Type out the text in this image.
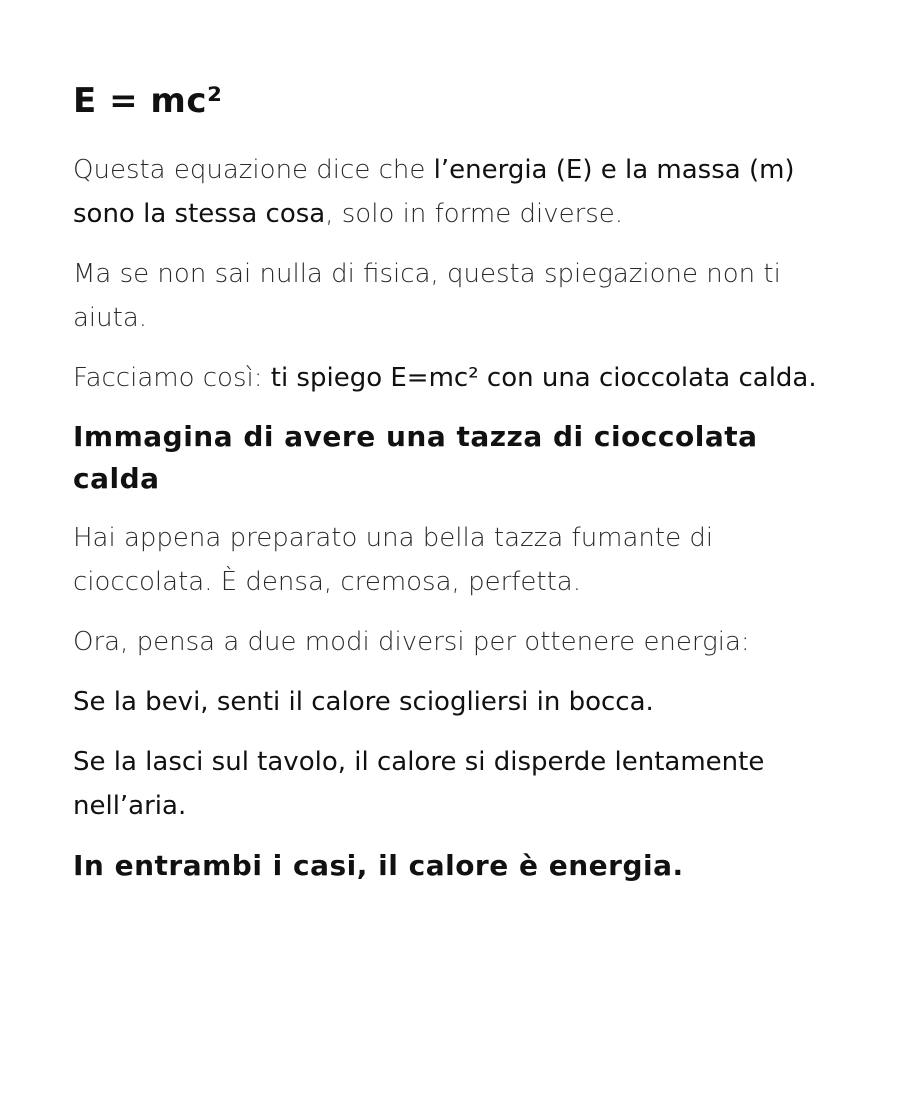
E = mc²

Questa equazione dice che l’energia (E) e la massa (m) sono la stessa cosa, solo in forme diverse.

Ma se non sai nulla di fisica, questa spiegazione non ti aiuta.

Facciamo così: ti spiego E=mc² con una cioccolata calda.

Immagina di avere una tazza di cioccolata calda

Hai appena preparato una bella tazza fumante di cioccolata. È densa, cremosa, perfetta.

Ora, pensa a due modi diversi per ottenere energia:

Se la bevi, senti il calore sciogliersi in bocca.

Se la lasci sul tavolo, il calore si disperde lentamente nell’aria.

In entrambi i casi, il calore è energia.
